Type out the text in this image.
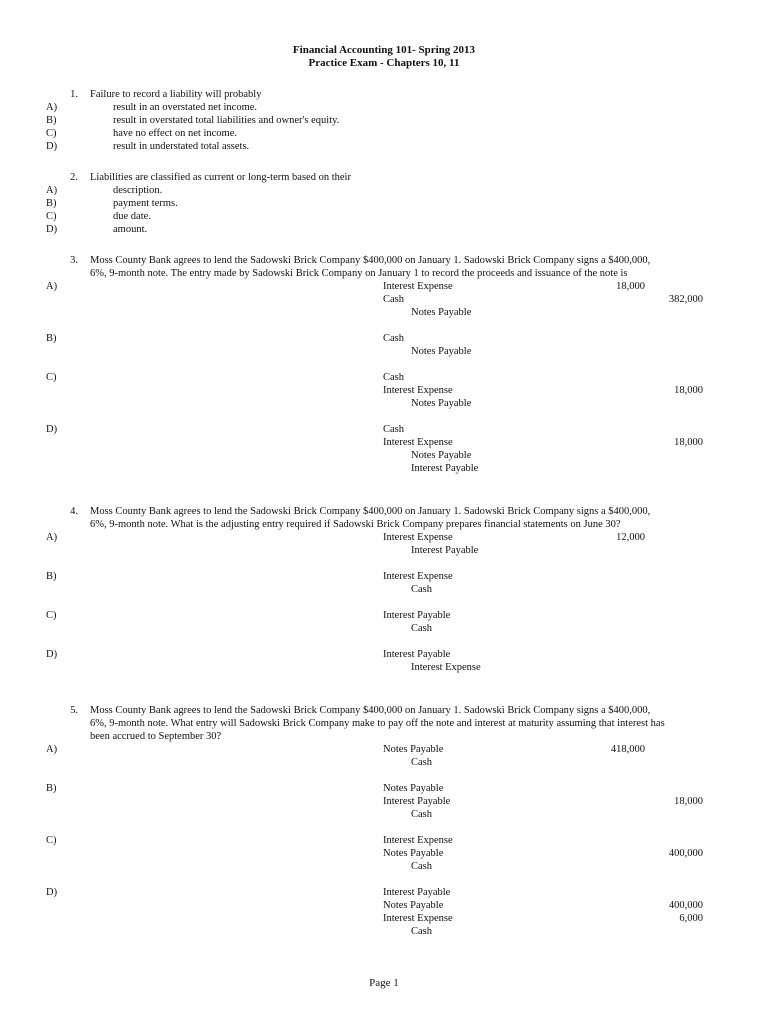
Financial Accounting 101- Spring 2013
Practice Exam - Chapters 10, 11
1. Failure to record a liability will probably
A)	result in an overstated net income.
B)	result in overstated total liabilities and owner's equity.
C)	have no effect on net income.
D)	result in understated total assets.
2. Liabilities are classified as current or long-term based on their
A)	description.
B)	payment terms.
C)	due date.
D)	amount.
3. Moss County Bank agrees to lend the Sadowski Brick Company $400,000 on January 1. Sadowski Brick Company signs a $400,000,
6%, 9-month note. The entry made by Sadowski Brick Company on January 1 to record the proceeds and issuance of the note is
A)	Interest Expense	18,000
Cash	382,000
Notes Payable
B)	Cash
Notes Payable
C)	Cash
Interest Expense	18,000
Notes Payable
D)	Cash
Interest Expense	18,000
Notes Payable
Interest Payable
4. Moss County Bank agrees to lend the Sadowski Brick Company $400,000 on January 1. Sadowski Brick Company signs a $400,000,
6%, 9-month note. What is the adjusting entry required if Sadowski Brick Company prepares financial statements on June 30?
A)	Interest Expense	12,000
Interest Payable
B)	Interest Expense
Cash
C)	Interest Payable
Cash
D)	Interest Payable
Interest Expense
5. Moss County Bank agrees to lend the Sadowski Brick Company $400,000 on January 1. Sadowski Brick Company signs a $400,000,
6%, 9-month note. What entry will Sadowski Brick Company make to pay off the note and interest at maturity assuming that interest has
been accrued to September 30?
A)	Notes Payable	418,000
Cash
B)	Notes Payable
Interest Payable	18,000
Cash
C)	Interest Expense
Notes Payable	400,000
Cash
D)	Interest Payable
Notes Payable	400,000
Interest Expense	6,000
Cash
Page 1
